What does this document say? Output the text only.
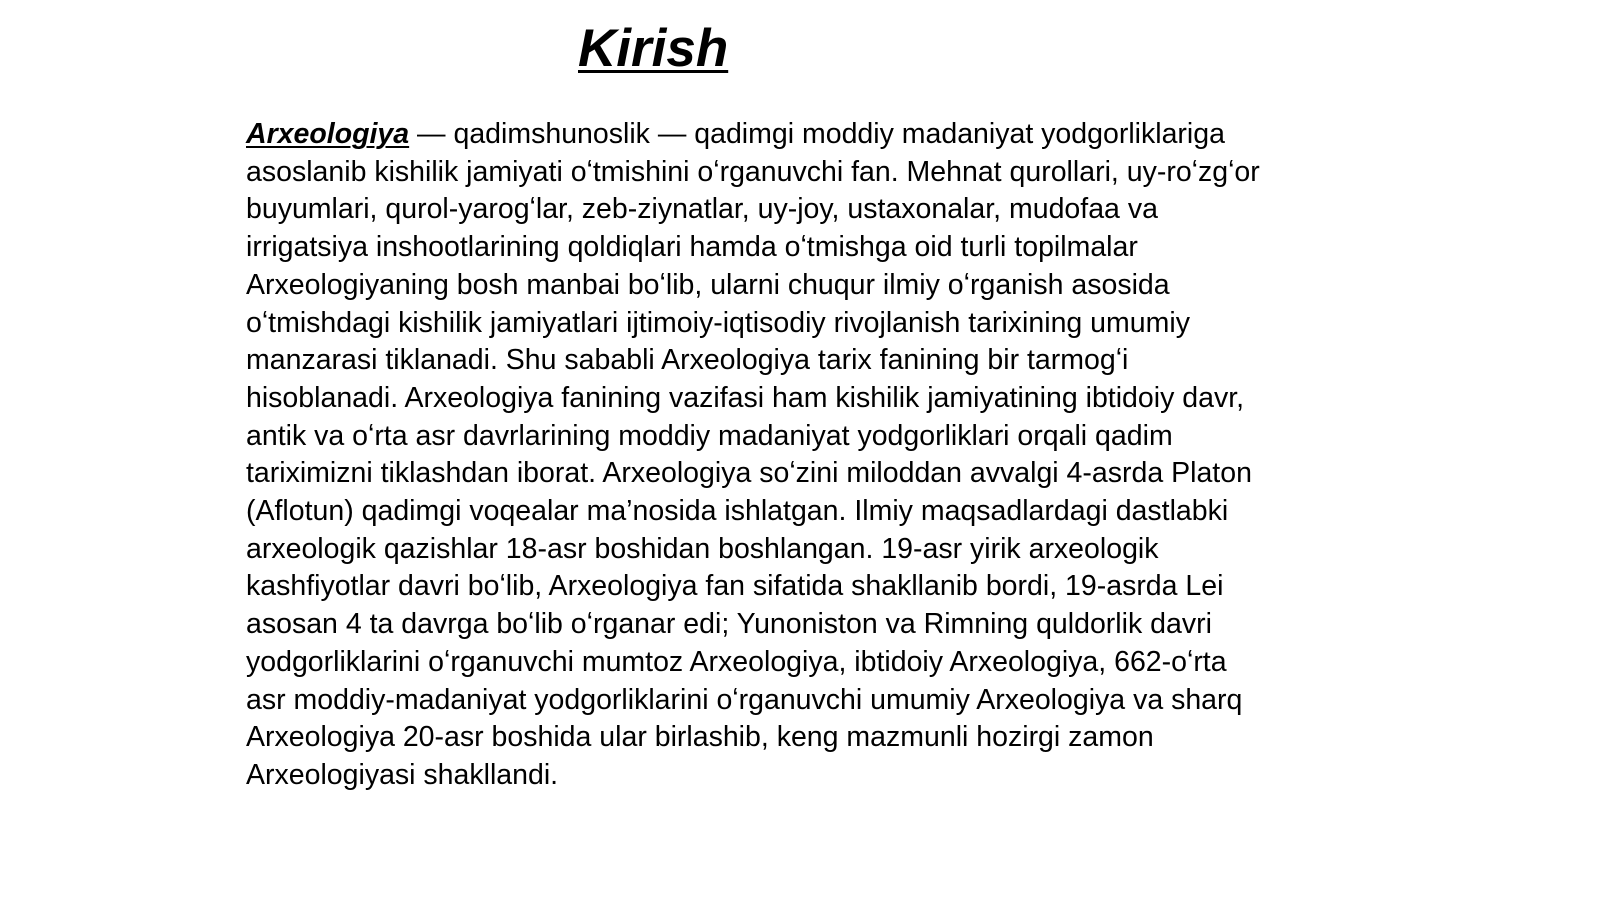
Kirish
Arxeologiya — qadimshunoslik — qadimgi moddiy madaniyat yodgorliklariga
asoslanib kishilik jamiyati oʻtmishini oʻrganuvchi fan. Mehnat qurollari, uy-roʻzgʻor
buyumlari, qurol-yarogʻlar, zeb-ziynatlar, uy-joy, ustaxonalar, mudofaa va
irrigatsiya inshootlarining qoldiqlari hamda oʻtmishga oid turli topilmalar
Arxeologiyaning bosh manbai boʻlib, ularni chuqur ilmiy oʻrganish asosida
oʻtmishdagi kishilik jamiyatlari ijtimoiy-iqtisodiy rivojlanish tarixining umumiy
manzarasi tiklanadi. Shu sababli Arxeologiya tarix fanining bir tarmogʻi
hisoblanadi. Arxeologiya fanining vazifasi ham kishilik jamiyatining ibtidoiy davr,
antik va oʻrta asr davrlarining moddiy madaniyat yodgorliklari orqali qadim
tariximizni tiklashdan iborat. Arxeologiya soʻzini miloddan avvalgi 4-asrda Platon
(Aflotun) qadimgi voqealar ma’nosida ishlatgan. Ilmiy maqsadlardagi dastlabki
arxeologik qazishlar 18-asr boshidan boshlangan. 19-asr yirik arxeologik
kashfiyotlar davri boʻlib, Arxeologiya fan sifatida shakllanib bordi, 19-asrda Lei
asosan 4 ta davrga boʻlib oʻrganar edi; Yunoniston va Rimning quldorlik davri
yodgorliklarini oʻrganuvchi mumtoz Arxeologiya, ibtidoiy Arxeologiya, 662-oʻrta
asr moddiy-madaniyat yodgorliklarini oʻrganuvchi umumiy Arxeologiya va sharq
Arxeologiya 20-asr boshida ular birlashib, keng mazmunli hozirgi zamon
Arxeologiyasi shakllandi.
